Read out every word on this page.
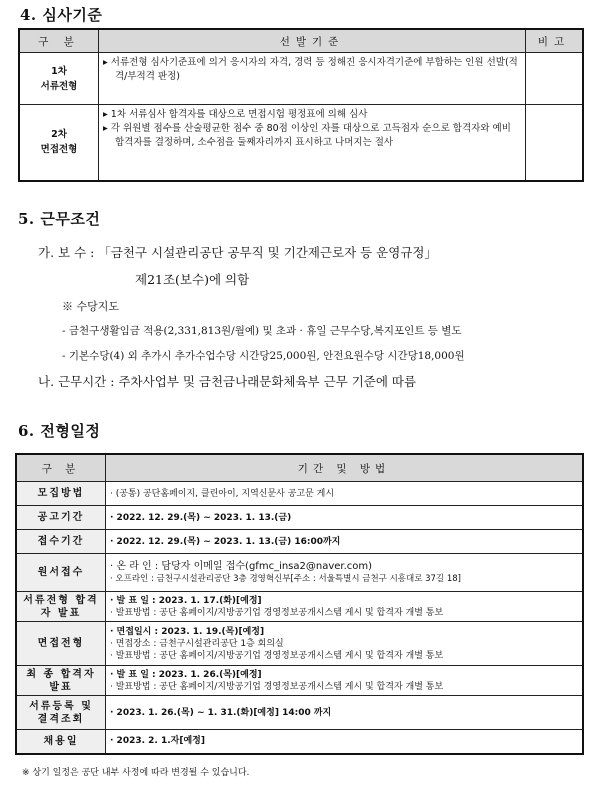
4. 심사기준
구 분	선발기준	비고
1차
서류전형	▸ 서류전형 심사기준표에 의거 응시자의 자격, 경력 등 정해진 응시자격기준에 부합하는 인원 선발(적격/부적격 판정)	

2차
면접전형	▸ 1차 서류심사 합격자를 대상으로 면접시험 평정표에 의해 심사
▸ 각 위원별 점수를 산술평균한 점수 중 80점 이상인 자를 대상으로 고득점자 순으로 합격자와 예비 합격자를 결정하며, 소수점을 둘째자리까지 표시하고 나머지는 절사	

5. 근무조건
가. 보 수 : 「금천구 시설관리공단 공무직 및 기간제근로자 등 운영규정」
제21조(보수)에 의함
※ 수당지도
- 금천구생활임금 적용(2,331,813원/월예) 및 초과 · 휴일 근무수당,복지포인트 등 별도
- 기본수당(4) 외 추가시 추가수업수당 시간당25,000원, 안전요원수당 시간당18,000원
나. 근무시간 : 주차사업부 및 금천금나래문화체육부 근무 기준에 따름
6. 전형일정
구 분	기간 및 방법
모집방법	· (공통) 공단홈페이지, 클린아이, 지역신문사 공고문 게시

공고기간	· 2022. 12. 29.(목) ~ 2023. 1. 13.(금)

접수기간	· 2022. 12. 29.(목) ~ 2023. 1. 13.(금) 16:00까지

원서접수	· 온 라 인 : 담당자 이메일 접수(gfmc_insa2@naver.com)
· 오프라인 : 금천구시설관리공단 3층 경영혁신부[주소 : 서울특별시 금천구 시흥대로 37길 18]

서류전형 합격자 발표	· 발 표 일 : 2023. 1. 17.(화)[예정]
· 발표방법 : 공단 홈페이지/지방공기업 경영정보공개시스템 게시 및 합격자 개별 통보

면접전형	· 면접일시 : 2023. 1. 19.(목)[예정]
· 면접장소 : 금천구시설관리공단 1층 회의실
· 발표방법 : 공단 홈페이지/지방공기업 경영정보공개시스템 게시 및 합격자 개별 통보

최 종 합격자 발표	· 발 표 일 : 2023. 1. 26.(목)[예정]
· 발표방법 : 공단 홈페이지/지방공기업 경영정보공개시스템 게시 및 합격자 개별 통보

서류등록 및 결격조회	· 2023. 1. 26.(목) ~ 1. 31.(화)[예정] 14:00 까지

채용일	· 2023. 2. 1.자[예정]
※ 상기 일정은 공단 내부 사정에 따라 변경될 수 있습니다.
